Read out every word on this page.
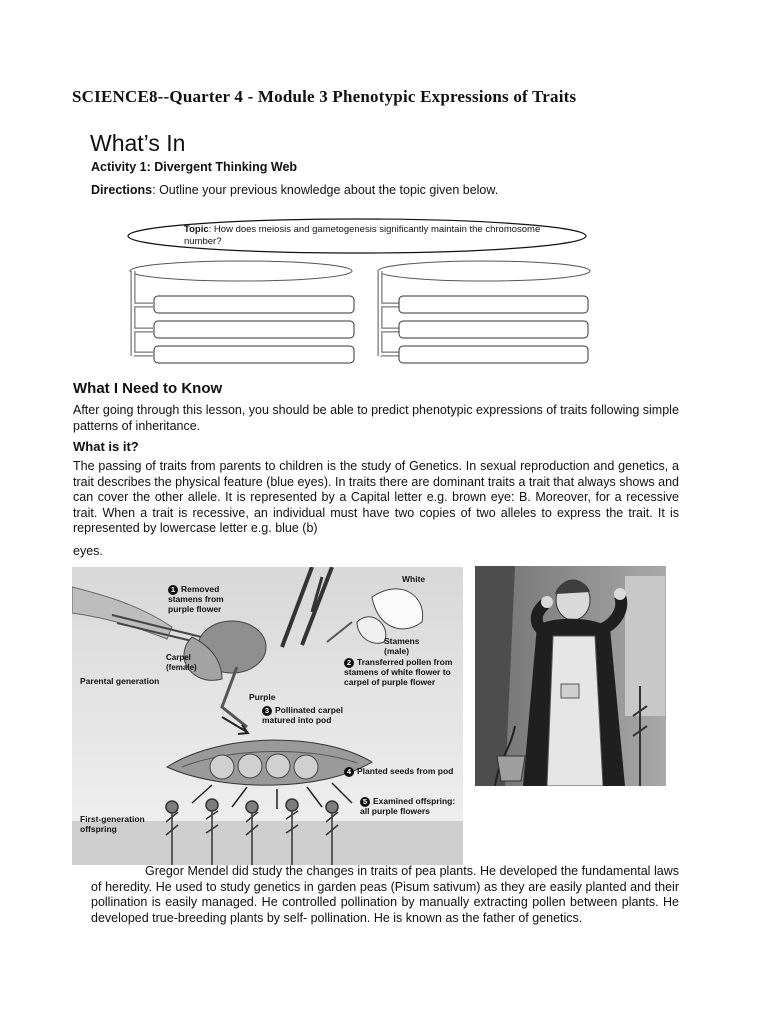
SCIENCE8--Quarter 4 - Module 3 Phenotypic Expressions of Traits
What’s In
Activity 1: Divergent Thinking Web
Directions: Outline your previous knowledge about the topic given below.
Topic: How does meiosis and gametogenesis significantly maintain the chromosome number?
What I Need to Know
After going through this lesson, you should be able to predict phenotypic expressions of traits following simple patterns of inheritance.
What is it?
The passing of traits from parents to children is the study of Genetics. In sexual reproduction and genetics, a trait describes the physical feature (blue eyes). In traits there are dominant traits a trait that always shows and can cover the other allele. It is represented by a Capital letter e.g. brown eye: B. Moreover, for a recessive trait. When a trait is recessive, an individual must have two copies of two alleles to express the trait. It is represented by lowercase letter e.g. blue (b)
eyes.
White
1 Removed stamens from purple flower
Carpel (female)
Parental generation
Purple
Stamens (male)
2 Transferred pollen from stamens of white flower to carpel of purple flower
3 Pollinated carpel matured into pod
4 Planted seeds from pod
5 Examined offspring: all purple flowers
First-generation offspring
Gregor Mendel did study the changes in traits of pea plants. He developed the fundamental laws of heredity. He used to study genetics in garden peas (Pisum sativum) as they are easily planted and their pollination is easily managed. He controlled pollination by manually extracting pollen between plants. He developed true-breeding plants by self- pollination. He is known as the father of genetics.
